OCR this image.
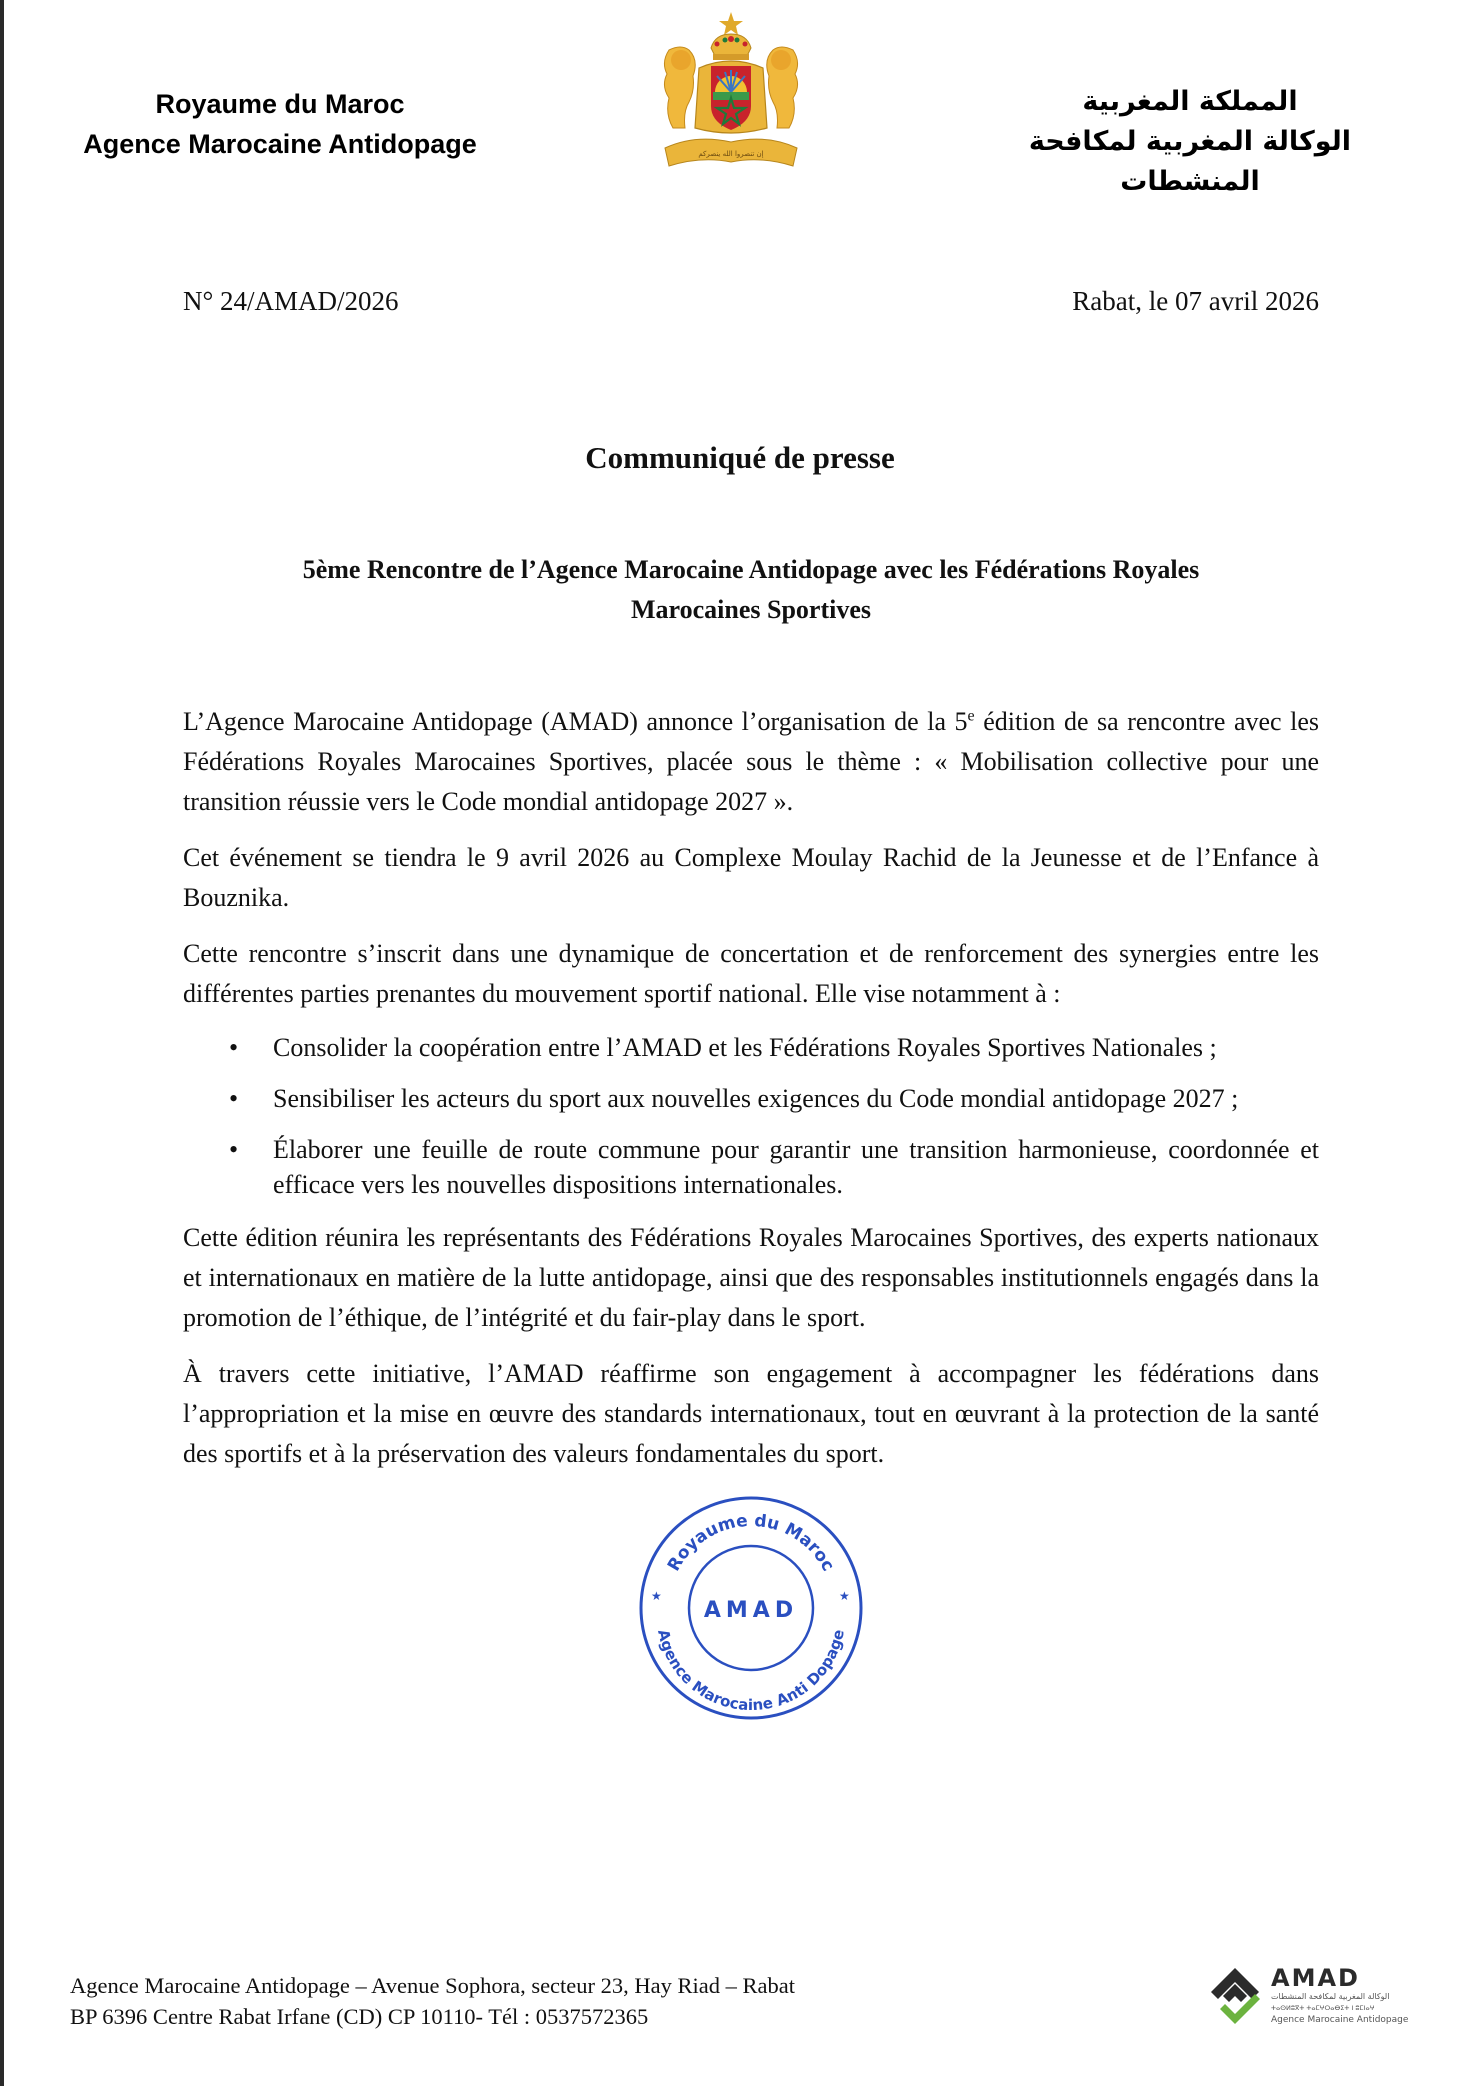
Royaume du Maroc
Agence Marocaine Antidopage	إن تنصروا الله ينصركم
المملكة المغربية
الوكالة المغربية لمكافحة المنشطات
N° 24/AMAD/2026	Rabat, le 07 avril 2026
Communiqué de presse
5ème Rencontre de l’Agence Marocaine Antidopage avec les Fédérations Royales
Marocaines Sportives

L’Agence Marocaine Antidopage (AMAD) annonce l’organisation de la 5e édition de sa rencontre avec les Fédérations Royales Marocaines Sportives, placée sous le thème : « Mobilisation collective pour une transition réussie vers le Code mondial antidopage 2027 ».

Cet événement se tiendra le 9 avril 2026 au Complexe Moulay Rachid de la Jeunesse et de l’Enfance à Bouznika.

Cette rencontre s’inscrit dans une dynamique de concertation et de renforcement des synergies entre les différentes parties prenantes du mouvement sportif national. Elle vise notamment à :

• Consolider la coopération entre l’AMAD et les Fédérations Royales Sportives Nationales ;
• Sensibiliser les acteurs du sport aux nouvelles exigences du Code mondial antidopage 2027 ;
• Élaborer une feuille de route commune pour garantir une transition harmonieuse, coordonnée et efficace vers les nouvelles dispositions internationales.

Cette édition réunira les représentants des Fédérations Royales Marocaines Sportives, des experts nationaux et internationaux en matière de la lutte antidopage, ainsi que des responsables institutionnels engagés dans la promotion de l’éthique, de l’intégrité et du fair-play dans le sport.

À travers cette initiative, l’AMAD réaffirme son engagement à accompagner les fédérations dans l’appropriation et la mise en œuvre des standards internationaux, tout en œuvrant à la protection de la santé des sportifs et à la préservation des valeurs fondamentales du sport.

Royaume du Maroc
Agence Marocaine Anti Dopage
★	★
AMAD
Agence Marocaine Antidopage – Avenue Sophora, secteur 23, Hay Riad – Rabat
BP 6396 Centre Rabat Irfane (CD) CP 10110- Tél : 0537572365
AMAD
الوكالة المغربية لمكافحة المنشطات
ⵜⴰⵙⵍⵓⴳⵜ ⵜⴰⵎⵖⵔⴰⴱⵉⵜ ⵏ ⵓⵎⵏⴰⵖ
Agence Marocaine Antidopage
